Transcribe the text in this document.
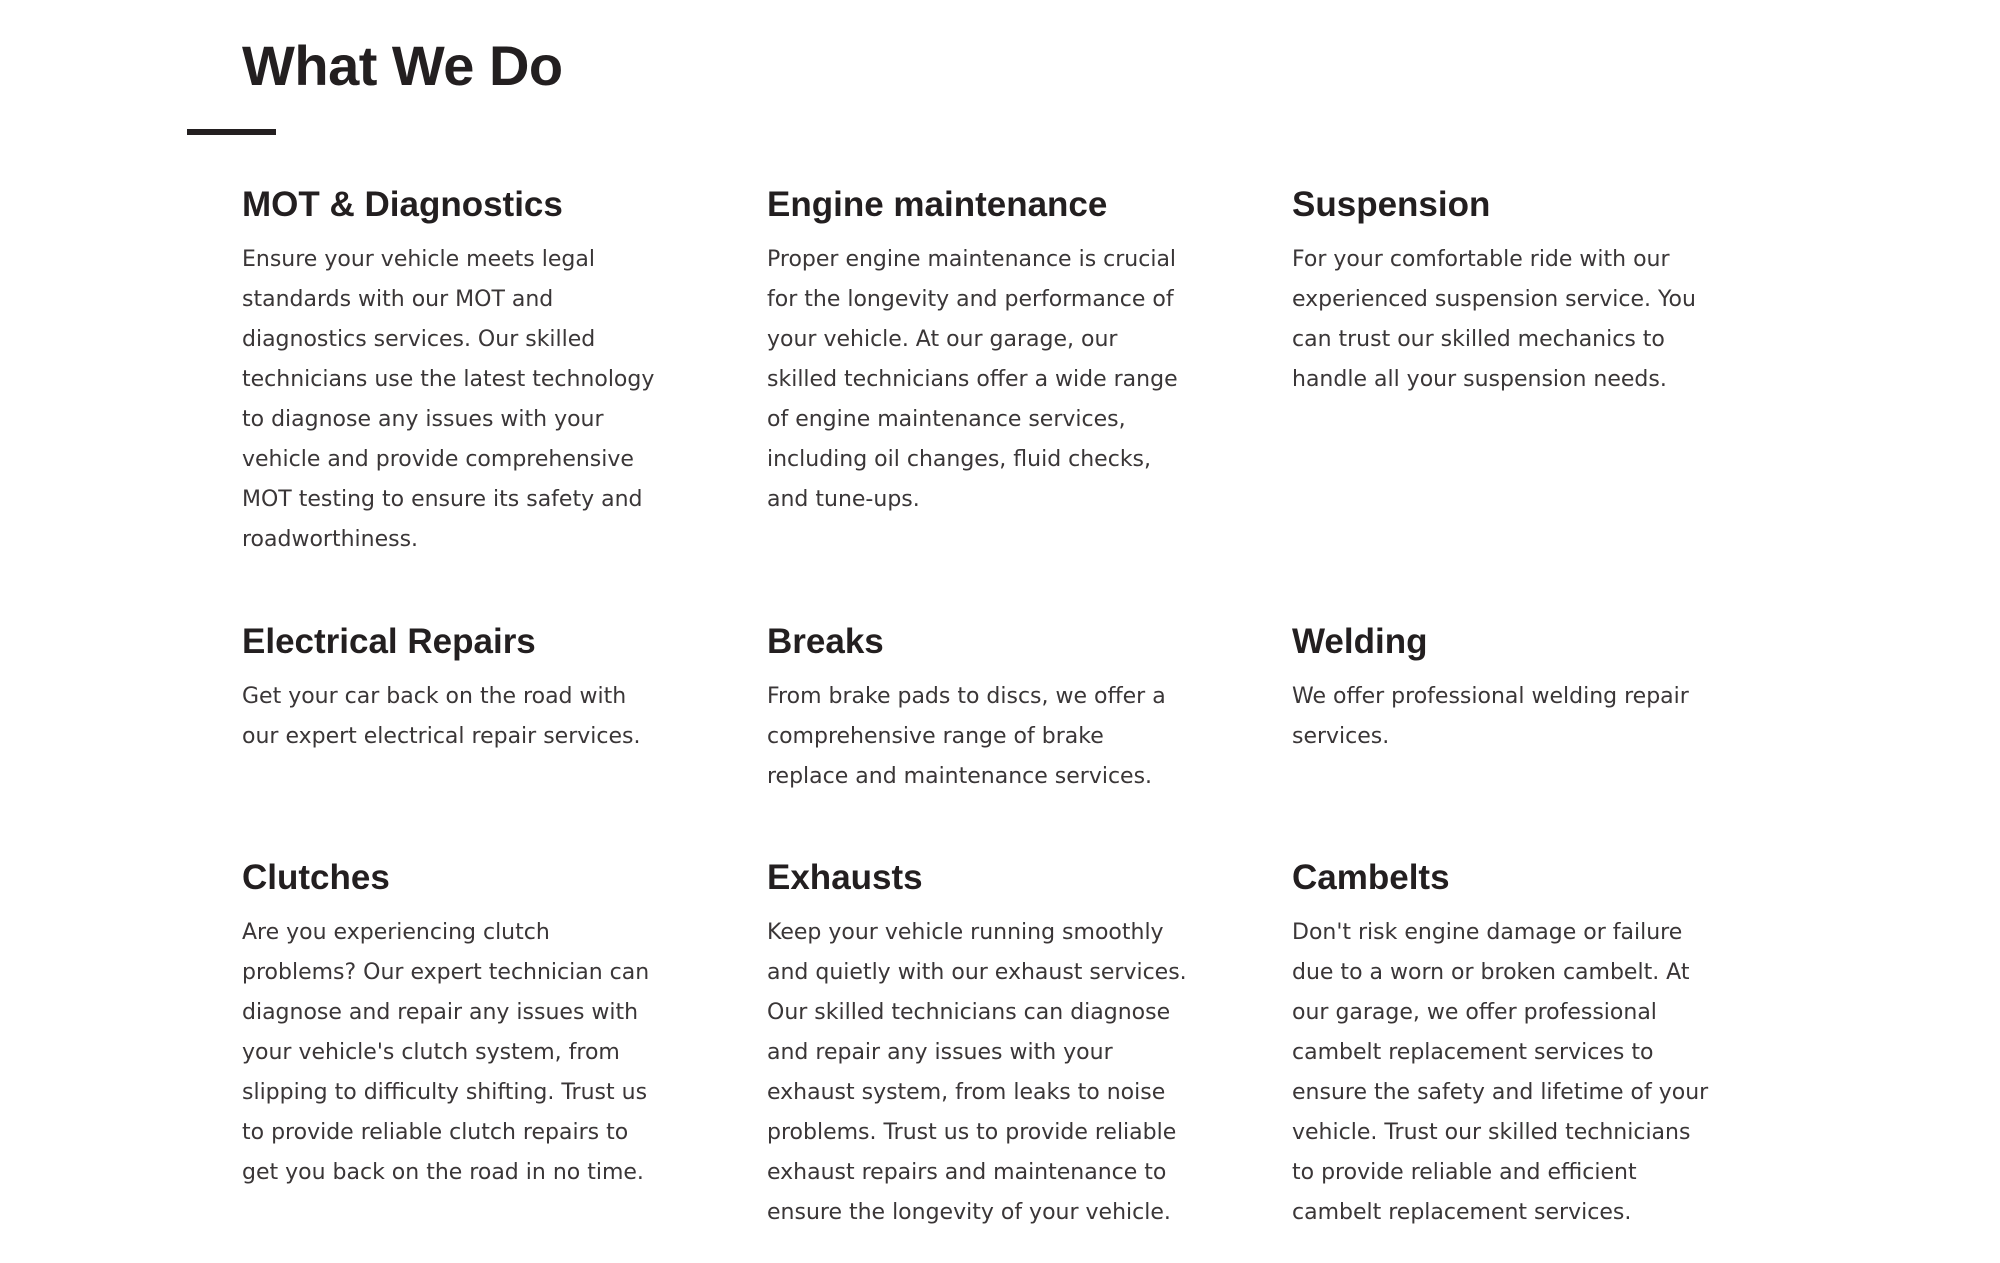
What We Do
MOT & Diagnostics

Ensure your vehicle meets legal standards with our MOT and diagnostics services. Our skilled technicians use the latest technology to diagnose any issues with your vehicle and provide comprehensive MOT testing to ensure its safety and roadworthiness.

Engine maintenance

Proper engine maintenance is crucial for the longevity and performance of your vehicle. At our garage, our skilled technicians offer a wide range of engine maintenance services, including oil changes, fluid checks, and tune-ups.

Suspension

For your comfortable ride with our experienced suspension service. You can trust our skilled mechanics to handle all your suspension needs.

Electrical Repairs

Get your car back on the road with our expert electrical repair services.

Breaks

From brake pads to discs, we offer a comprehensive range of brake replace and maintenance services.

Welding

We offer professional welding repair services.

Clutches

Are you experiencing clutch problems? Our expert technician can diagnose and repair any issues with your vehicle's clutch system, from slipping to difficulty shifting. Trust us to provide reliable clutch repairs to get you back on the road in no time.

Exhausts

Keep your vehicle running smoothly and quietly with our exhaust services. Our skilled technicians can diagnose and repair any issues with your exhaust system, from leaks to noise problems. Trust us to provide reliable exhaust repairs and maintenance to ensure the longevity of your vehicle.

Cambelts

Don't risk engine damage or failure due to a worn or broken cambelt. At our garage, we offer professional cambelt replacement services to ensure the safety and lifetime of your vehicle. Trust our skilled technicians to provide reliable and efficient cambelt replacement services.
